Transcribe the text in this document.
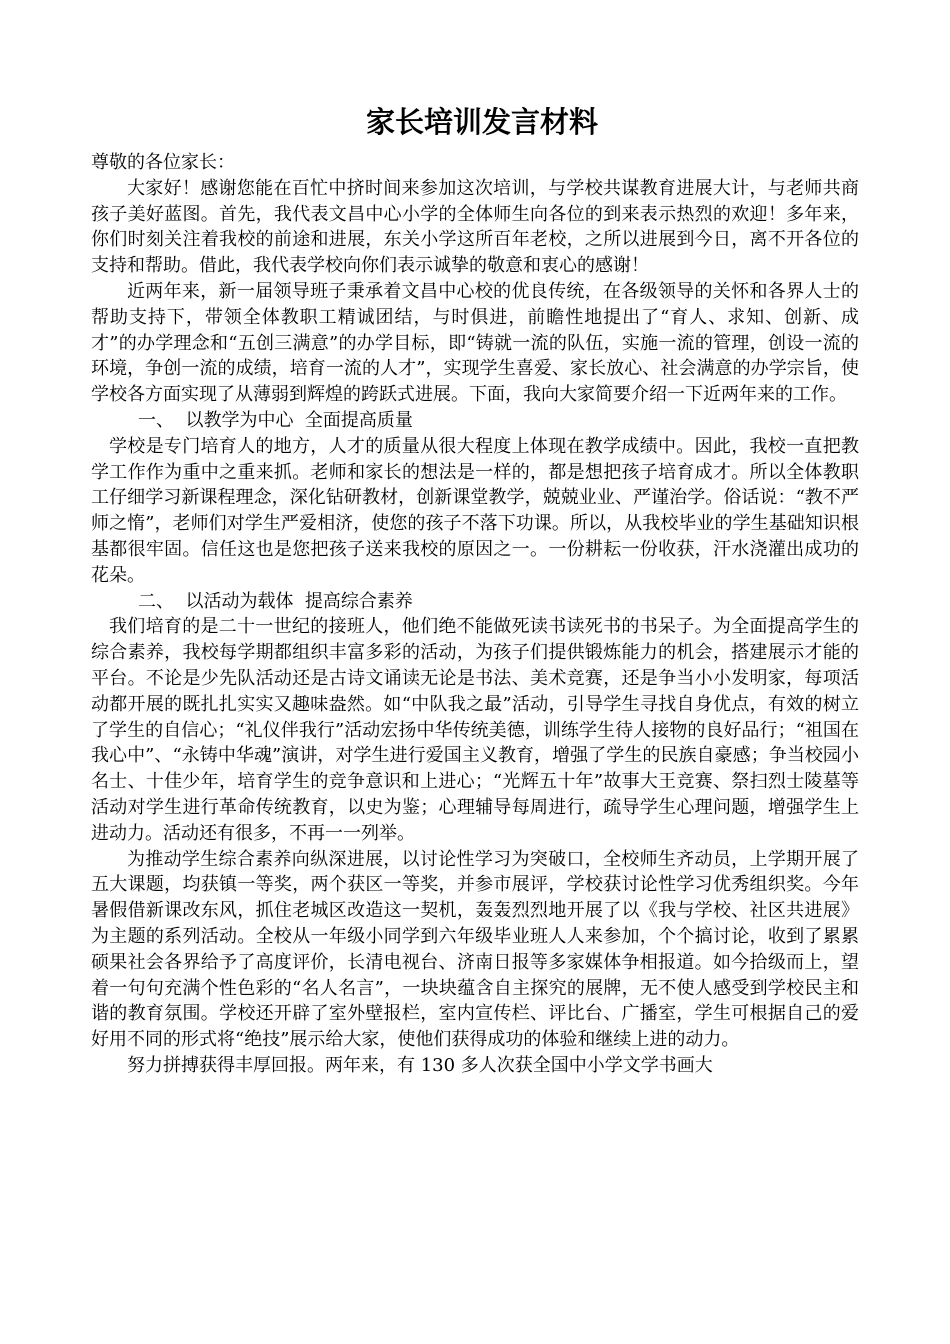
家长培训发言材料

尊敬的各位家长：

大家好！感谢您能在百忙中挤时间来参加这次培训，与学校共谋教育进展大计，与老师共商孩子美好蓝图。首先，我代表文昌中心小学的全体师生向各位的到来表示热烈的欢迎！多年来，你们时刻关注着我校的前途和进展，东关小学这所百年老校，之所以进展到今日，离不开各位的支持和帮助。借此，我代表学校向你们表示诚挚的敬意和衷心的感谢！

近两年来，新一届领导班子秉承着文昌中心校的优良传统，在各级领导的关怀和各界人士的帮助支持下，带领全体教职工精诚团结，与时俱进，前瞻性地提出了“育人、求知、创新、成才”的办学理念和“五创三满意”的办学目标，即“铸就一流的队伍，实施一流的管理，创设一流的环境，争创一流的成绩，培育一流的人才”，实现学生喜爱、家长放心、社会满意的办学宗旨，使学校各方面实现了从薄弱到辉煌的跨跃式进展。下面，我向大家简要介绍一下近两年来的工作。

一、  以教学为中心  全面提高质量

学校是专门培育人的地方，人才的质量从很大程度上体现在教学成绩中。因此，我校一直把教学工作作为重中之重来抓。老师和家长的想法是一样的，都是想把孩子培育成才。所以全体教职工仔细学习新课程理念，深化钻研教材，创新课堂教学，兢兢业业、严谨治学。俗话说：“教不严师之惰”，老师们对学生严爱相济，使您的孩子不落下功课。所以，从我校毕业的学生基础知识根基都很牢固。信任这也是您把孩子送来我校的原因之一。一份耕耘一份收获，汗水浇灌出成功的花朵。

二、  以活动为载体  提高综合素养

我们培育的是二十一世纪的接班人，他们绝不能做死读书读死书的书呆子。为全面提高学生的综合素养，我校每学期都组织丰富多彩的活动，为孩子们提供锻炼能力的机会，搭建展示才能的平台。不论是少先队活动还是古诗文诵读无论是书法、美术竞赛，还是争当小小发明家，每项活动都开展的既扎扎实实又趣味盎然。如“中队我之最”活动，引导学生寻找自身优点，有效的树立了学生的自信心；“礼仪伴我行”活动宏扬中华传统美德，训练学生待人接物的良好品行；“祖国在我心中”、“永铸中华魂”演讲，对学生进行爱国主义教育，增强了学生的民族自豪感；争当校园小名士、十佳少年，培育学生的竞争意识和上进心；“光辉五十年”故事大王竞赛、祭扫烈士陵墓等活动对学生进行革命传统教育，以史为鉴；心理辅导每周进行，疏导学生心理问题，增强学生上进动力。活动还有很多，不再一一列举。

为推动学生综合素养向纵深进展，以讨论性学习为突破口，全校师生齐动员，上学期开展了五大课题，均获镇一等奖，两个获区一等奖，并参市展评，学校获讨论性学习优秀组织奖。今年暑假借新课改东风，抓住老城区改造这一契机，轰轰烈烈地开展了以《我与学校、社区共进展》为主题的系列活动。全校从一年级小同学到六年级毕业班人人来参加，个个搞讨论，收到了累累硕果社会各界给予了高度评价，长清电视台、济南日报等多家媒体争相报道。如今拾级而上，望着一句句充满个性色彩的“名人名言”，一块块蕴含自主探究的展牌，无不使人感受到学校民主和谐的教育氛围。学校还开辟了室外壁报栏，室内宣传栏、评比台、广播室，学生可根据自己的爱好用不同的形式将“绝技”展示给大家，使他们获得成功的体验和继续上进的动力。

努力拼搏获得丰厚回报。两年来，有 130 多人次获全国中小学文学书画大
